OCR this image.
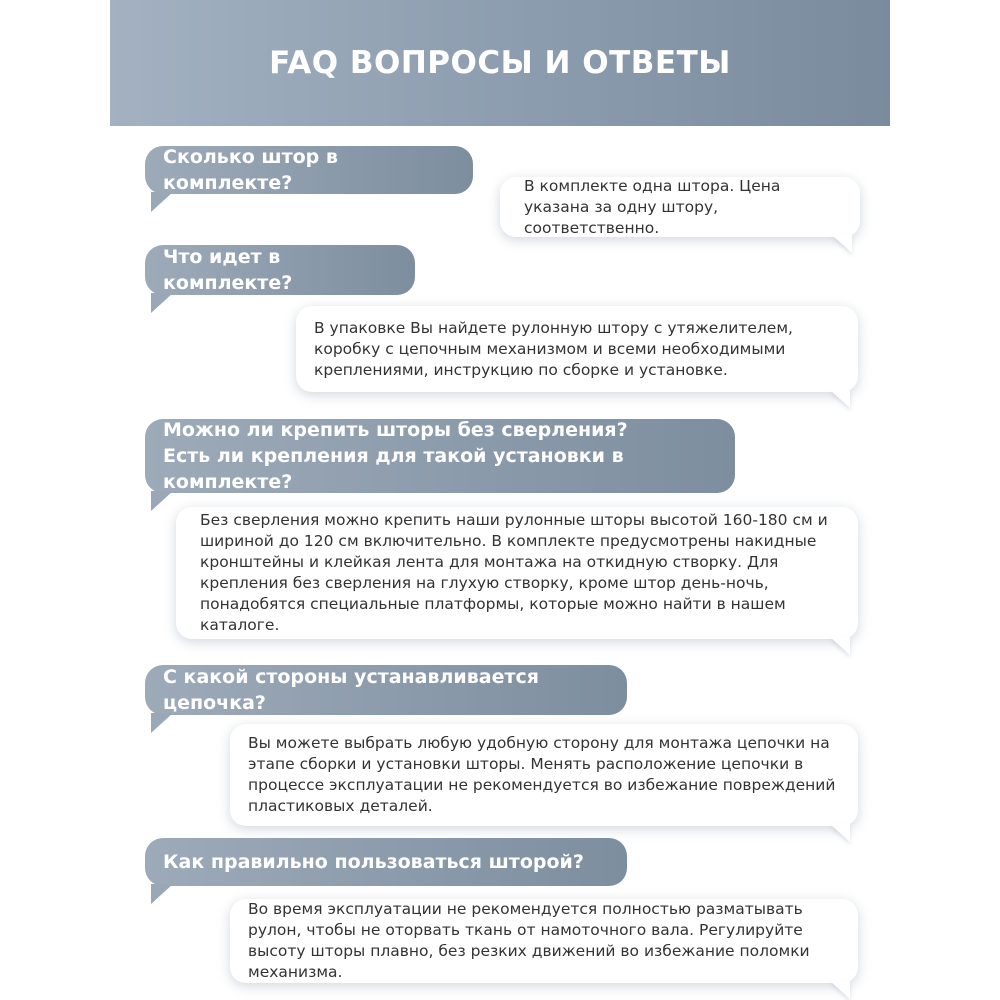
FAQ ВОПРОСЫ И ОТВЕТЫ
Сколько штор в комплекте?	В комплекте одна штора. Цена указана за одну штору, соответственно.
Что идет в комплекте?
В упаковке Вы найдете рулонную штору с утяжелителем, коробку с цепочным механизмом и всеми необходимыми креплениями, инструкцию по сборке и установке.
Можно ли крепить шторы без сверления?
Есть ли крепления для такой установки в комплекте?
Без сверления можно крепить наши рулонные шторы высотой 160-180 см и шириной до 120 см включительно. В комплекте предусмотрены накидные кронштейны и клейкая лента для монтажа на откидную створку. Для крепления без сверления на глухую створку, кроме штор день-ночь, понадобятся специальные платформы, которые можно найти в нашем каталоге.
С какой стороны устанавливается цепочка?
Вы можете выбрать любую удобную сторону для монтажа цепочки на этапе сборки и установки шторы. Менять расположение цепочки в процессе эксплуатации не рекомендуется во избежание повреждений пластиковых деталей.
Как правильно пользоваться шторой?
Во время эксплуатации не рекомендуется полностью разматывать рулон, чтобы не оторвать ткань от намоточного вала. Регулируйте высоту шторы плавно, без резких движений во избежание поломки механизма.
